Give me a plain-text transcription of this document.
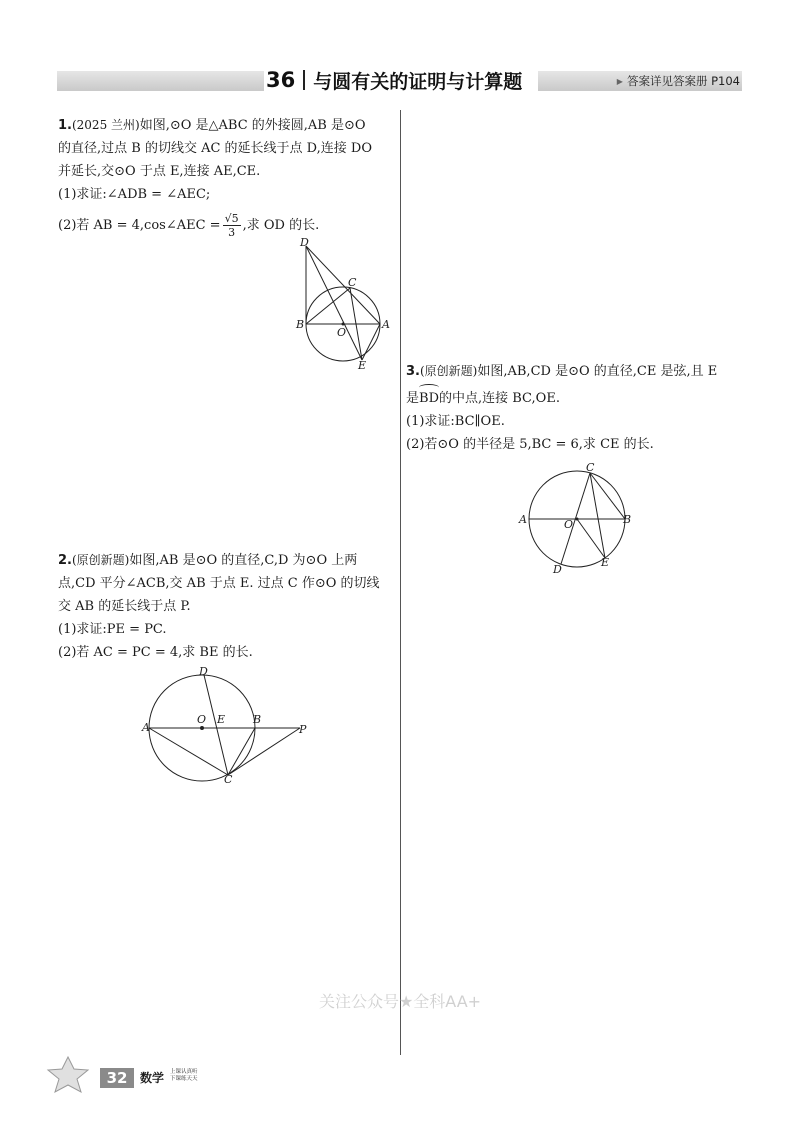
36 与圆有关的证明与计算题	▶ 答案详见答案册 P104

1.(2025 兰州)如图,⊙O 是△ABC 的外接圆,AB 是⊙O

的直径,过点 B 的切线交 AC 的延长线于点 D,连接 DO

并延长,交⊙O 于点 E,连接 AE,CE.

(1)求证:∠ADB = ∠AEC;

(2)若 AB = 4,cos∠AEC = $\frac{√5}{3}$ ,求 OD 的长.

D
C
B
O
A
E

2.(原创新题)如图,AB 是⊙O 的直径,C,D 为⊙O 上两

点,CD 平分∠ACB,交 AB 于点 E. 过点 C 作⊙O 的切线

交 AB 的延长线于点 P.

(1)求证:PE = PC.

(2)若 AC = PC = 4,求 BE 的长.

D
A
O E	B
P
C

3.(原创新题)如图,AB,CD 是⊙O 的直径,CE 是弦,且 E

是BD的中点,连接 BC,OE.

(1)求证:BC∥OE.

(2)若⊙O 的半径是 5,BC = 6,求 CE 的长.

C
A	O	B
D
E
关注公众号★全科AA+
32	数学 上课认真听
下课练天天
